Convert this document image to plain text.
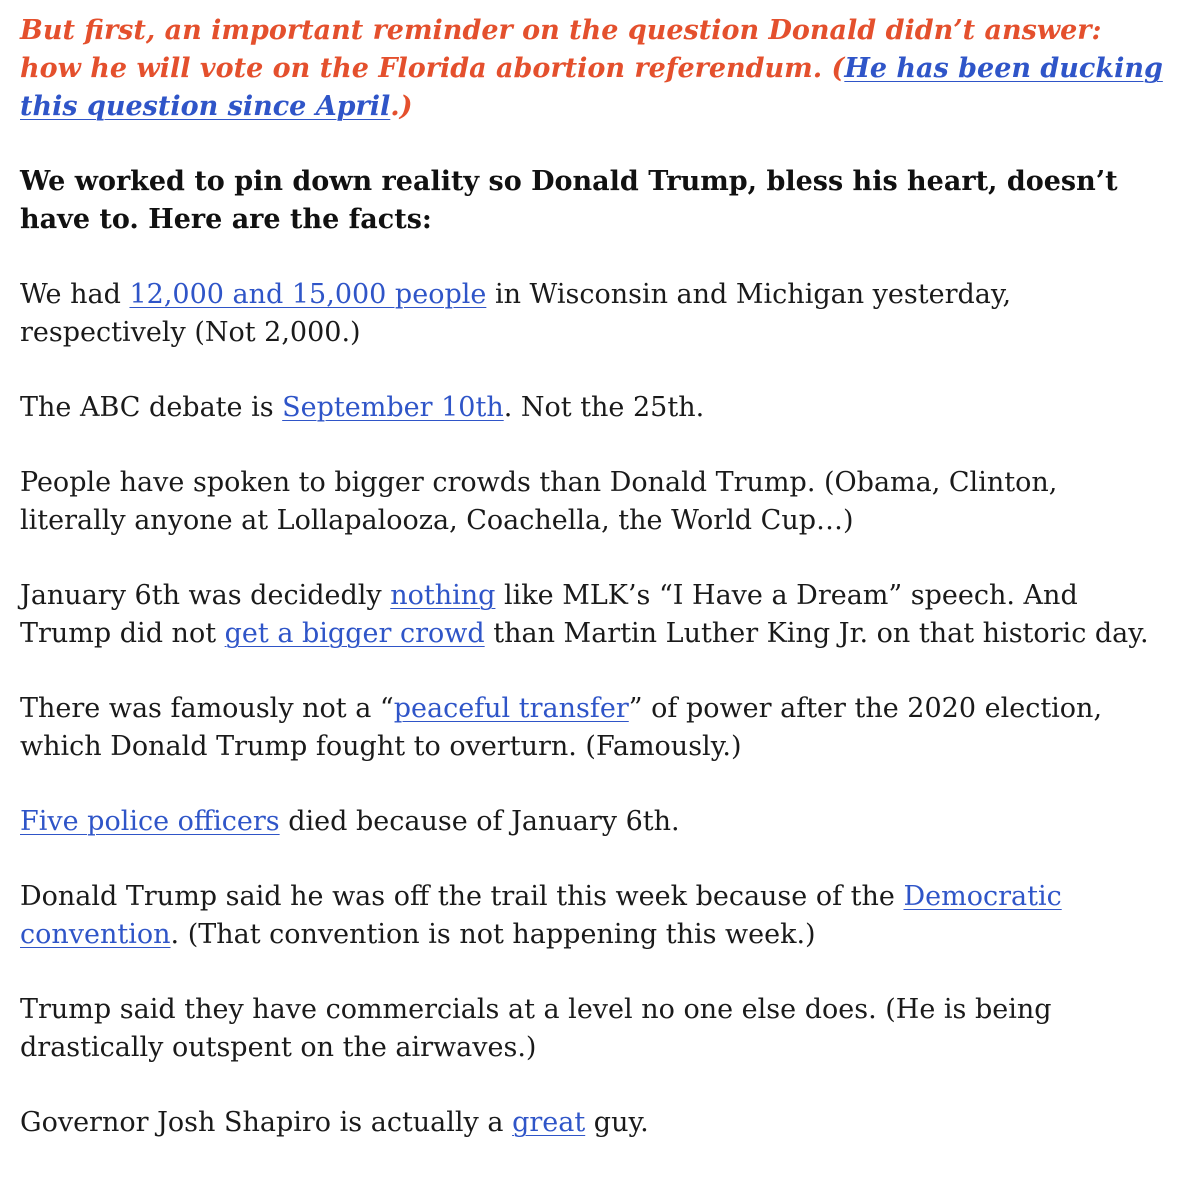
But first, an important reminder on the question Donald didn’t answer: how he will vote on the Florida abortion referendum. (He has been ducking this question since April.)

We worked to pin down reality so Donald Trump, bless his heart, doesn’t have to. Here are the facts:

We had 12,000 and 15,000 people in Wisconsin and Michigan yesterday, respectively (Not 2,000.)

The ABC debate is September 10th. Not the 25th.

People have spoken to bigger crowds than Donald Trump. (Obama, Clinton, literally anyone at Lollapalooza, Coachella, the World Cup…)

January 6th was decidedly nothing like MLK’s “I Have a Dream” speech. And Trump did not get a bigger crowd than Martin Luther King Jr. on that historic day.

There was famously not a “peaceful transfer” of power after the 2020 election, which Donald Trump fought to overturn. (Famously.)

Five police officers died because of January 6th.

Donald Trump said he was off the trail this week because of the Democratic convention. (That convention is not happening this week.)

Trump said they have commercials at a level no one else does. (He is being drastically outspent on the airwaves.)

Governor Josh Shapiro is actually a great guy.
